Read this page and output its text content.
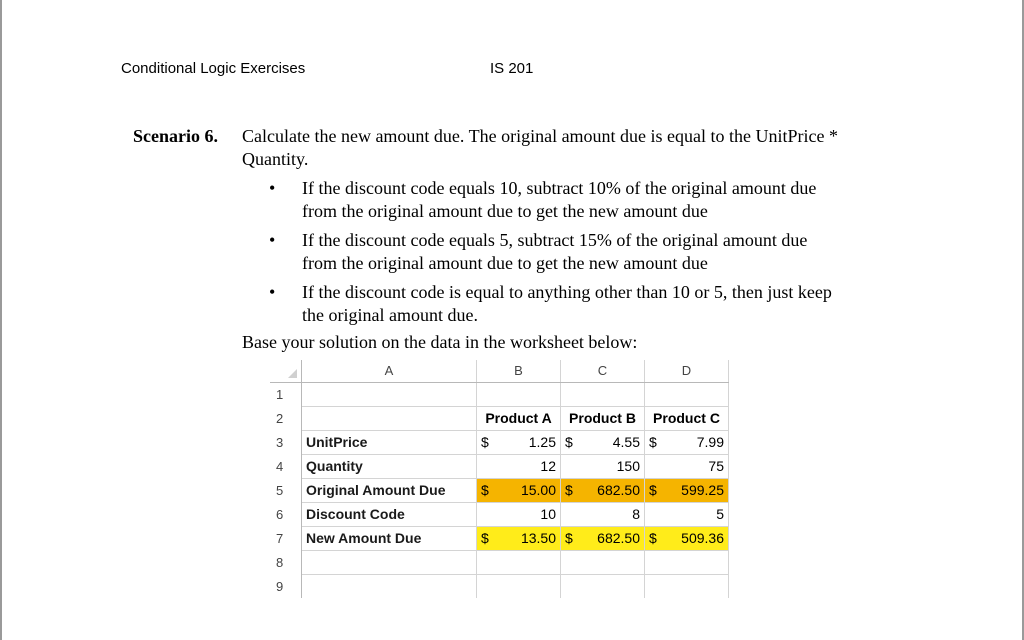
Conditional Logic Exercises	IS 201
Scenario 6. Calculate the new amount due. The original amount due is equal to the UnitPrice *
Quantity.
• If the discount code equals 10, subtract 10% of the original amount due
from the original amount due to get the new amount due
• If the discount code equals 5, subtract 15% of the original amount due
from the original amount due to get the new amount due
• If the discount code is equal to anything other than 10 or 5, then just keep
the original amount due.
Base your solution on the data in the worksheet below:
	A	B	C	D
1				
2		Product A	Product B	Product C
3	UnitPrice	$ 1.25	$ 4.55	$ 7.99

4	Quantity	12	150	75
5	Original Amount Due	$ 15.00	$ 682.50	$ 599.25

6	Discount Code	10	8	5
7	New Amount Due	$ 13.50	$ 682.50	$ 509.36

8				
9				
